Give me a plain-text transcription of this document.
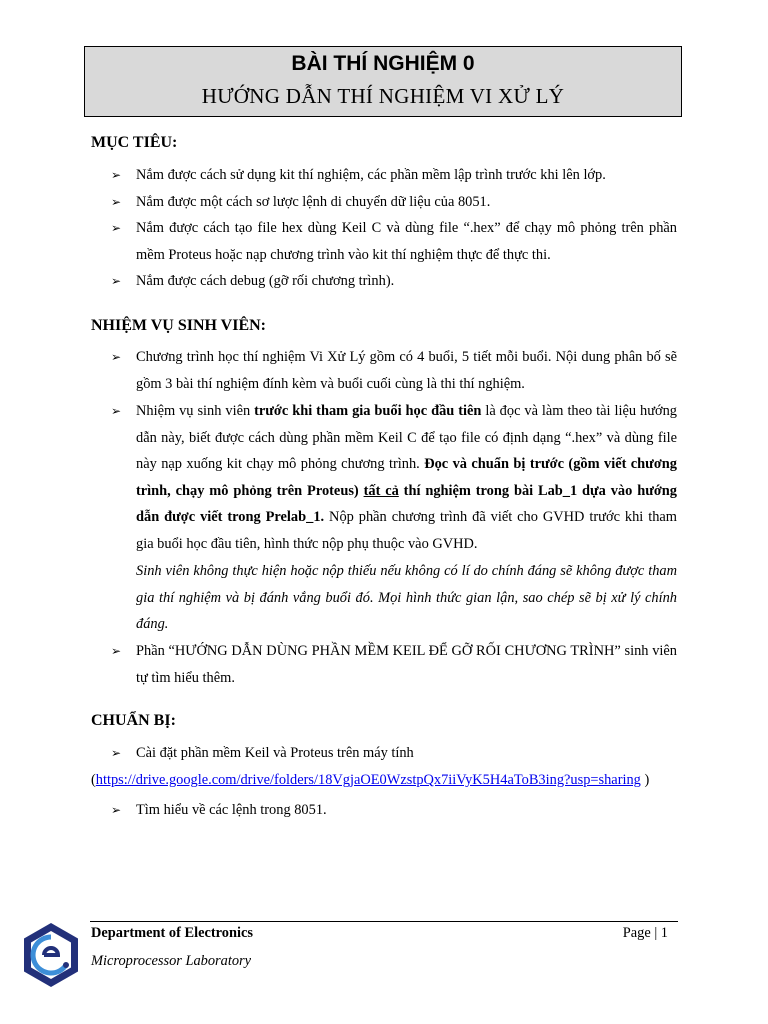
BÀI THÍ NGHIỆM 0
HƯỚNG DẪN THÍ NGHIỆM VI XỬ LÝ
MỤC TIÊU:
➢ Nắm được cách sử dụng kit thí nghiệm, các phần mềm lập trình trước khi lên lớp.
➢ Nắm được một cách sơ lược lệnh di chuyển dữ liệu của 8051.
➢ Nắm được cách tạo file hex dùng Keil C và dùng file “.hex” để chạy mô phỏng trên phần mềm Proteus hoặc nạp chương trình vào kit thí nghiệm thực để thực thi.
➢ Nắm được cách debug (gỡ rối chương trình).
NHIỆM VỤ SINH VIÊN:
➢ Chương trình học thí nghiệm Vi Xử Lý gồm có 4 buổi, 5 tiết mỗi buổi. Nội dung phân bố sẽ gồm 3 bài thí nghiệm đính kèm và buổi cuối cùng là thi thí nghiệm.
➢ Nhiệm vụ sinh viên trước khi tham gia buổi học đầu tiên là đọc và làm theo tài liệu hướng dẫn này, biết được cách dùng phần mềm Keil C để tạo file có định dạng “.hex” và dùng file này nạp xuống kit chạy mô phỏng chương trình. Đọc và chuẩn bị trước (gồm viết chương trình, chạy mô phỏng trên Proteus) tất cả thí nghiệm trong bài Lab_1 dựa vào hướng dẫn được viết trong Prelab_1. Nộp phần chương trình đã viết cho GVHD trước khi tham gia buổi học đầu tiên, hình thức nộp phụ thuộc vào GVHD.
Sinh viên không thực hiện hoặc nộp thiếu nếu không có lí do chính đáng sẽ không được tham gia thí nghiệm và bị đánh vắng buổi đó. Mọi hình thức gian lận, sao chép sẽ bị xử lý chính đáng.
➢ Phần “HƯỚNG DẪN DÙNG PHẦN MỀM KEIL ĐỂ GỠ RỐI CHƯƠNG TRÌNH” sinh viên tự tìm hiểu thêm.
CHUẨN BỊ:
➢ Cài đặt phần mềm Keil và Proteus trên máy tính
(https://drive.google.com/drive/folders/18VgjaOE0WzstpQx7iiVyK5H4aToB3ing?usp=sharing )
➢ Tìm hiểu về các lệnh trong 8051.
Department of Electronics
Microprocessor Laboratory
Page | 1
